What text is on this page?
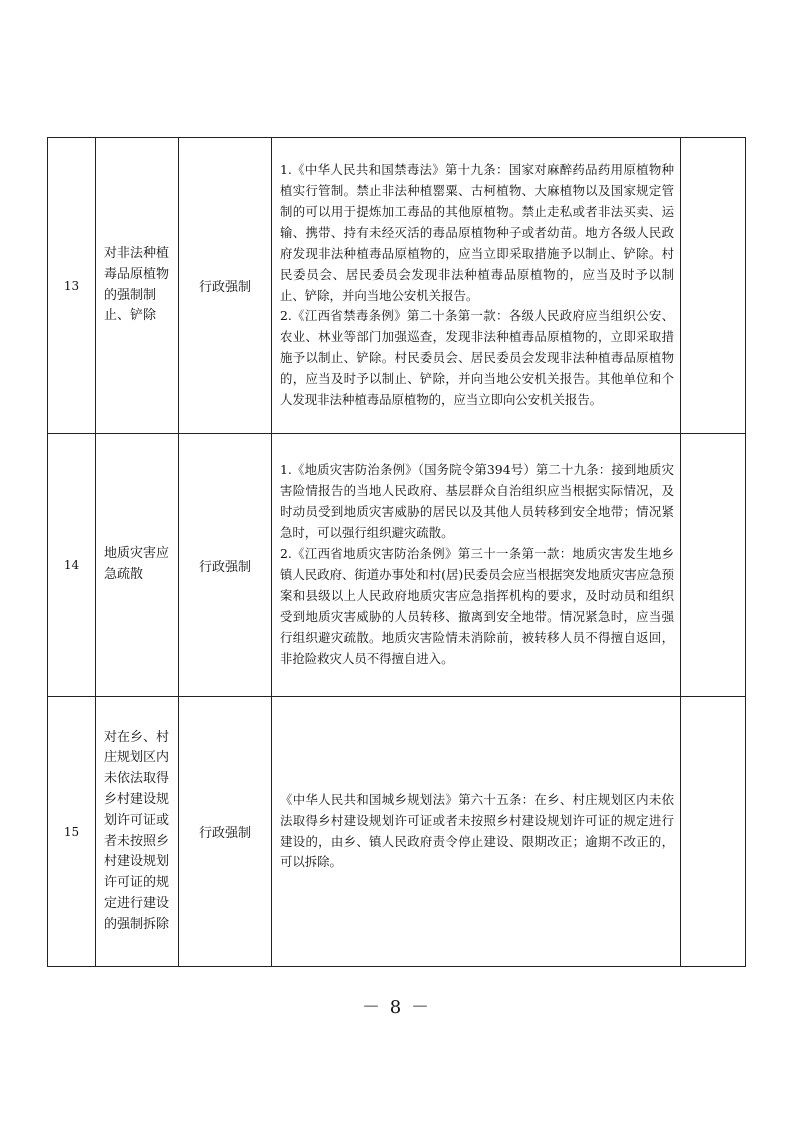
13	对非法种植毒品原植物的强制制止、铲除	行政强制	1.《中华人民共和国禁毒法》第十九条：国家对麻醉药品药用原植物种植实行管制。禁止非法种植罂粟、古柯植物、大麻植物以及国家规定管制的可以用于提炼加工毒品的其他原植物。禁止走私或者非法买卖、运输、携带、持有未经灭活的毒品原植物种子或者幼苗。地方各级人民政府发现非法种植毒品原植物的，应当立即采取措施予以制止、铲除。村民委员会、居民委员会发现非法种植毒品原植物的，应当及时予以制止、铲除，并向当地公安机关报告。

2.《江西省禁毒条例》第二十条第一款：各级人民政府应当组织公安、农业、林业等部门加强巡查，发现非法种植毒品原植物的，立即采取措施予以制止、铲除。村民委员会、居民委员会发现非法种植毒品原植物的，应当及时予以制止、铲除，并向当地公安机关报告。其他单位和个人发现非法种植毒品原植物的，应当立即向公安机关报告。	

14	地质灾害应急疏散	行政强制	1.《地质灾害防治条例》（国务院令第394号）第二十九条：接到地质灾害险情报告的当地人民政府、基层群众自治组织应当根据实际情况，及时动员受到地质灾害威胁的居民以及其他人员转移到安全地带；情况紧急时，可以强行组织避灾疏散。

2.《江西省地质灾害防治条例》第三十一条第一款：地质灾害发生地乡镇人民政府、街道办事处和村(居)民委员会应当根据突发地质灾害应急预案和县级以上人民政府地质灾害应急指挥机构的要求，及时动员和组织受到地质灾害威胁的人员转移、撤离到安全地带。情况紧急时，应当强行组织避灾疏散。地质灾害险情未消除前，被转移人员不得擅自返回，非抢险救灾人员不得擅自进入。	

15	对在乡、村庄规划区内未依法取得乡村建设规划许可证或者未按照乡村建设规划许可证的规定进行建设的强制拆除	行政强制	《中华人民共和国城乡规划法》第六十五条：在乡、村庄规划区内未依法取得乡村建设规划许可证或者未按照乡村建设规划许可证的规定进行建设的，由乡、镇人民政府责令停止建设、限期改正；逾期不改正的，可以拆除。	

－ 8 －
